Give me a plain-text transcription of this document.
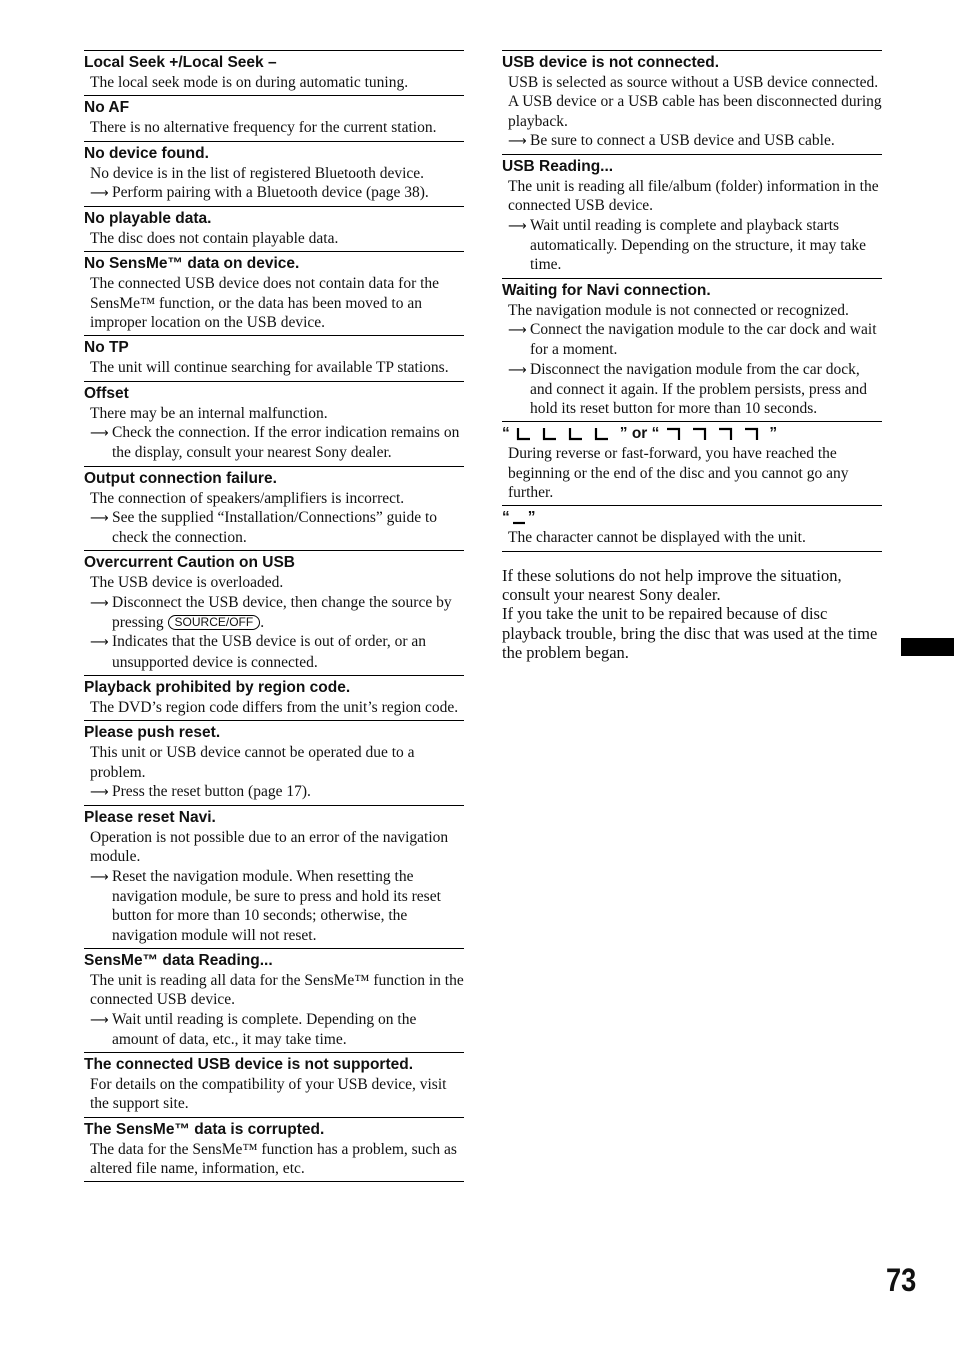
Local Seek +/Local Seek –
The local seek mode is on during automatic tuning.
No AF
There is no alternative frequency for the current station.
No device found.
No device is in the list of registered Bluetooth device.
⟶ Perform pairing with a Bluetooth device (page 38).
No playable data.
The disc does not contain playable data.
No SensMe™ data on device.
The connected USB device does not contain data for the SensMe™ function, or the data has been moved to an improper location on the USB device.
No TP
The unit will continue searching for available TP stations.
Offset
There may be an internal malfunction.
⟶ Check the connection. If the error indication remains on the display, consult your nearest Sony dealer.
Output connection failure.
The connection of speakers/amplifiers is incorrect.
⟶ See the supplied “Installation/Connections” guide to check the connection.
Overcurrent Caution on USB
The USB device is overloaded.
⟶ Disconnect the USB device, then change the source by pressing SOURCE/OFF .
⟶ Indicates that the USB device is out of order, or an unsupported device is connected.
Playback prohibited by region code.
The DVD’s region code differs from the unit’s region code.
Please push reset.
This unit or USB device cannot be operated due to a problem.
⟶ Press the reset button (page 17).
Please reset Navi.
Operation is not possible due to an error of the navigation module.
⟶ Reset the navigation module. When resetting the navigation module, be sure to press and hold its reset button for more than 10 seconds; otherwise, the navigation module will not reset.
SensMe™ data Reading...
The unit is reading all data for the SensMe™ function in the connected USB device.
⟶ Wait until reading is complete. Depending on the amount of data, etc., it may take time.
The connected USB device is not supported.
For details on the compatibility of your USB device, visit the support site.
The SensMe™ data is corrupted.
The data for the SensMe™ function has a problem, such as altered file name, information, etc.
USB device is not connected.
USB is selected as source without a USB device connected. A USB device or a USB cable has been disconnected during playback.
⟶ Be sure to connect a USB device and USB cable.
USB Reading...
The unit is reading all file/album (folder) information in the connected USB device.
⟶ Wait until reading is complete and playback starts automatically. Depending on the structure, it may take time.
Waiting for Navi connection.
The navigation module is not connected or recognized.
⟶ Connect the navigation module to the car dock and wait for a moment.
⟶ Disconnect the navigation module from the car dock, and connect it again. If the problem persists, press and hold its reset button for more than 10 seconds.
“	” or “	”
During reverse or fast-forward, you have reached the beginning or the end of the disc and you cannot go any further.
“ ”
The character cannot be displayed with the unit.
If these solutions do not help improve the situation, consult your nearest Sony dealer.
If you take the unit to be repaired because of disc playback trouble, bring the disc that was used at the time the problem began.
73
